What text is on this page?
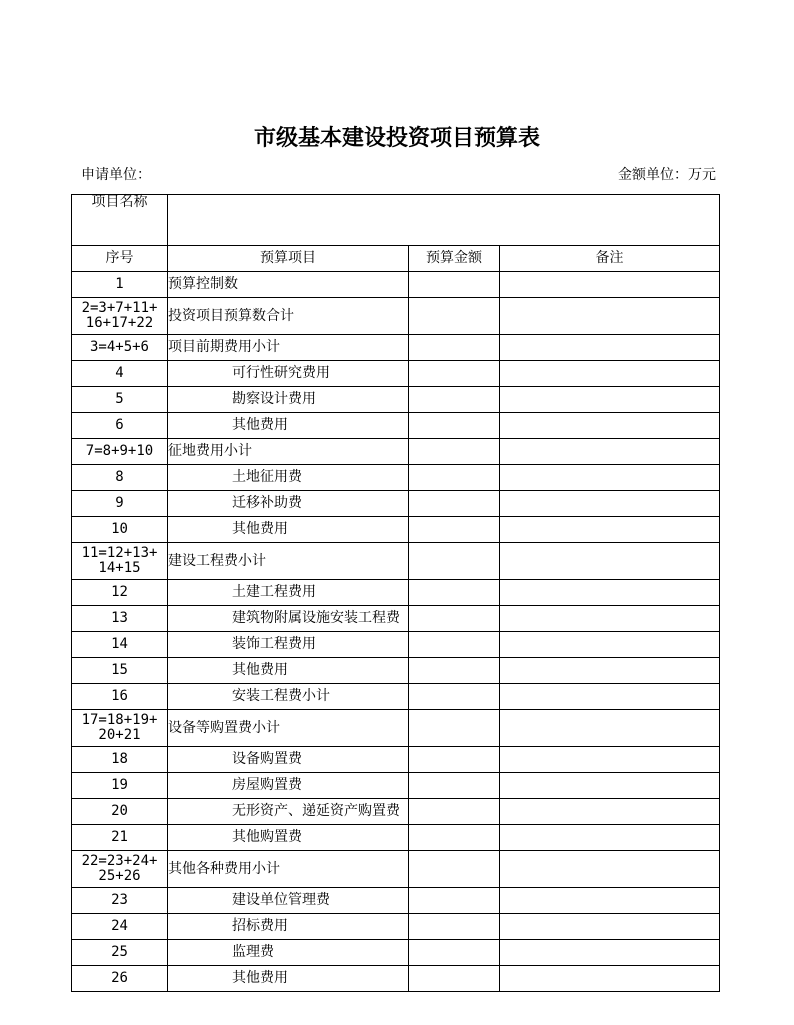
市级基本建设投资项目预算表
申请单位：	金额单位：万元
项目名称			
序号	预算项目	预算金额	备注
1	预算控制数		
2=3+7+11+
16+17+22	投资项目预算数合计		
3=4+5+6	项目前期费用小计		
4	可行性研究费用		
5	勘察设计费用		
6	其他费用		
7=8+9+10	征地费用小计		
8	土地征用费		
9	迁移补助费		
10	其他费用		
11=12+13+
14+15	建设工程费小计		
12	土建工程费用		
13	建筑物附属设施安装工程费		
14	装饰工程费用		
15	其他费用		
16	安装工程费小计		
17=18+19+
20+21	设备等购置费小计		
18	设备购置费		
19	房屋购置费		
20	无形资产、递延资产购置费		
21	其他购置费		
22=23+24+
25+26	其他各种费用小计		
23	建设单位管理费		
24	招标费用		
25	监理费		
26	其他费用		
